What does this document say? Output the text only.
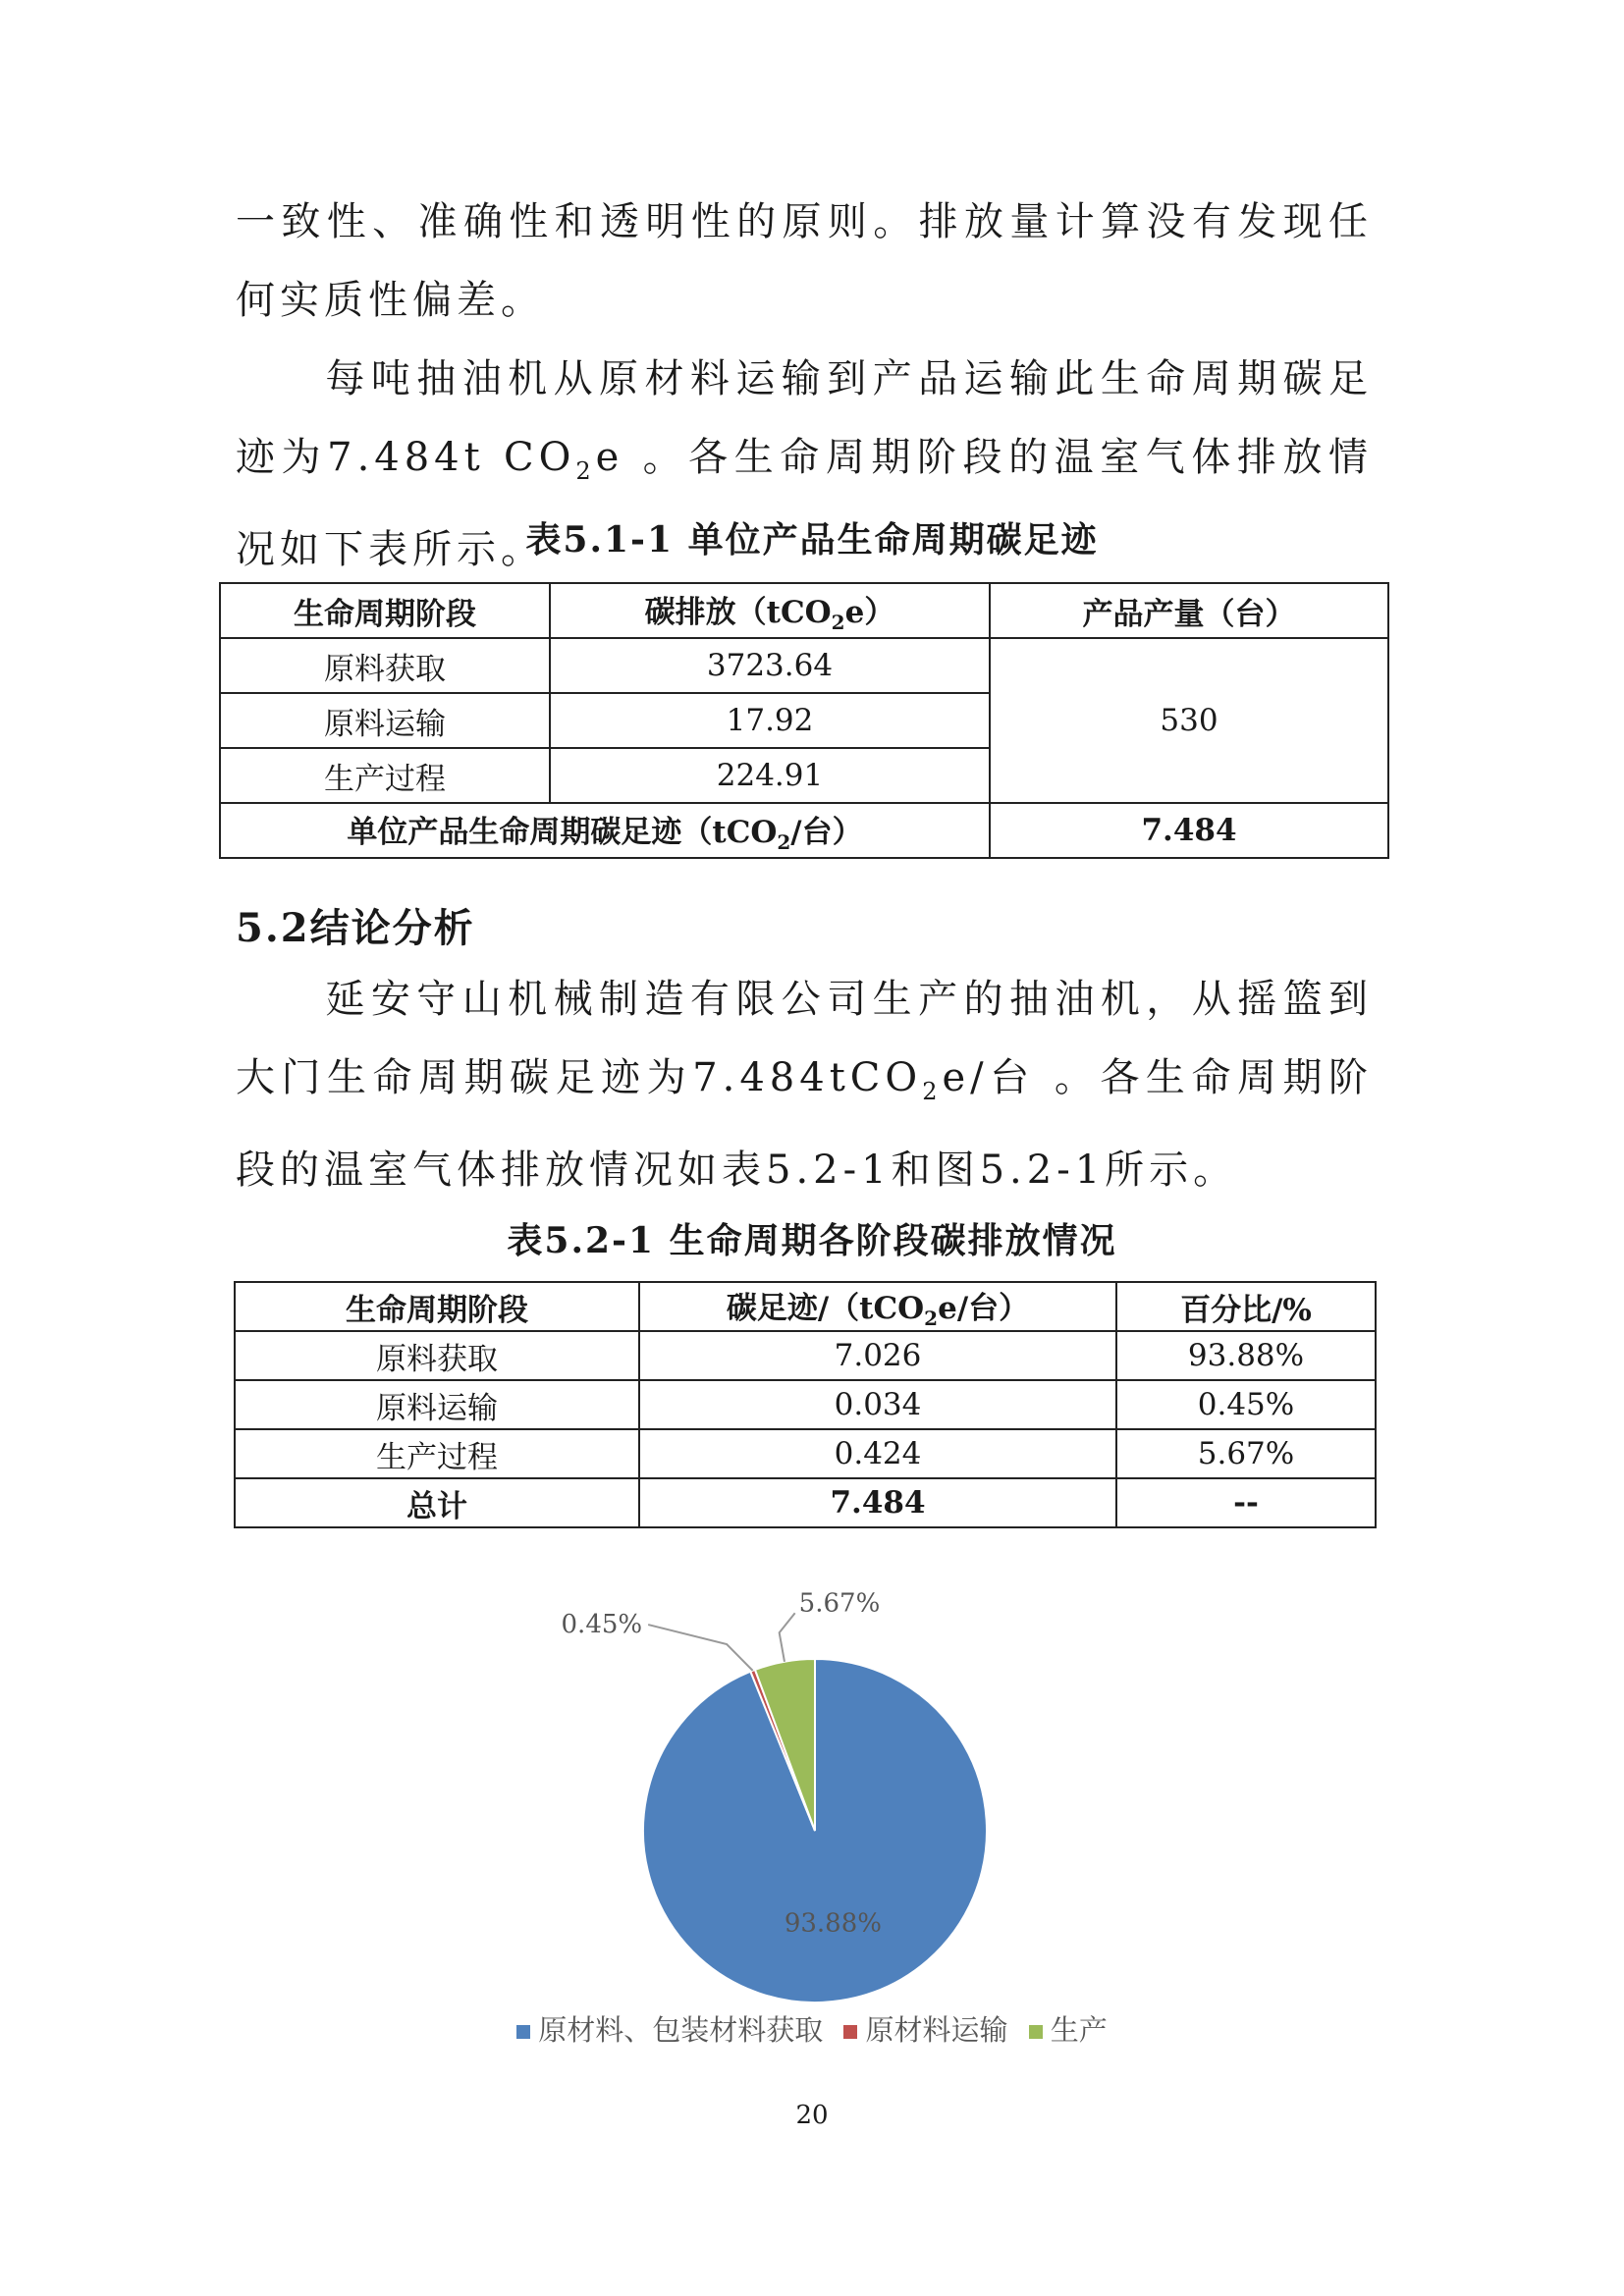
一致性、准确性和透明性的原则。排放量计算没有发现任何实质性偏差。

每吨抽油机从原材料运输到产品运输此生命周期碳足迹为7.484t $CO_2e$ 。各生命周期阶段的温室气体排放情况如下表所示。

表5.1-1 单位产品生命周期碳足迹
生命周期阶段	碳排放（tCO$_2$e）	产品产量（台）
原料获取	3723.64	530
原料运输	17.92	
生产过程	224.91	
单位产品生命周期碳足迹（tCO$_2$/台）		7.484
5.2结论分析

延安守山机械制造有限公司生产的抽油机，从摇篮到大门生命周期碳足迹为7.484tCO$_2$e/台 。各生命周期阶段的温室气体排放情况如表5.2-1和图5.2-1所示。

表5.2-1 生命周期各阶段碳排放情况
生命周期阶段	碳足迹/（tCO$_2$e/台）	百分比/%
原料获取	7.026	93.88%
原料运输	0.034	0.45%
生产过程	0.424	5.67%
总计	7.484	--
93.88%
0.45%
5.67%
原材料、包装材料获取 原材料运输 生产
20
